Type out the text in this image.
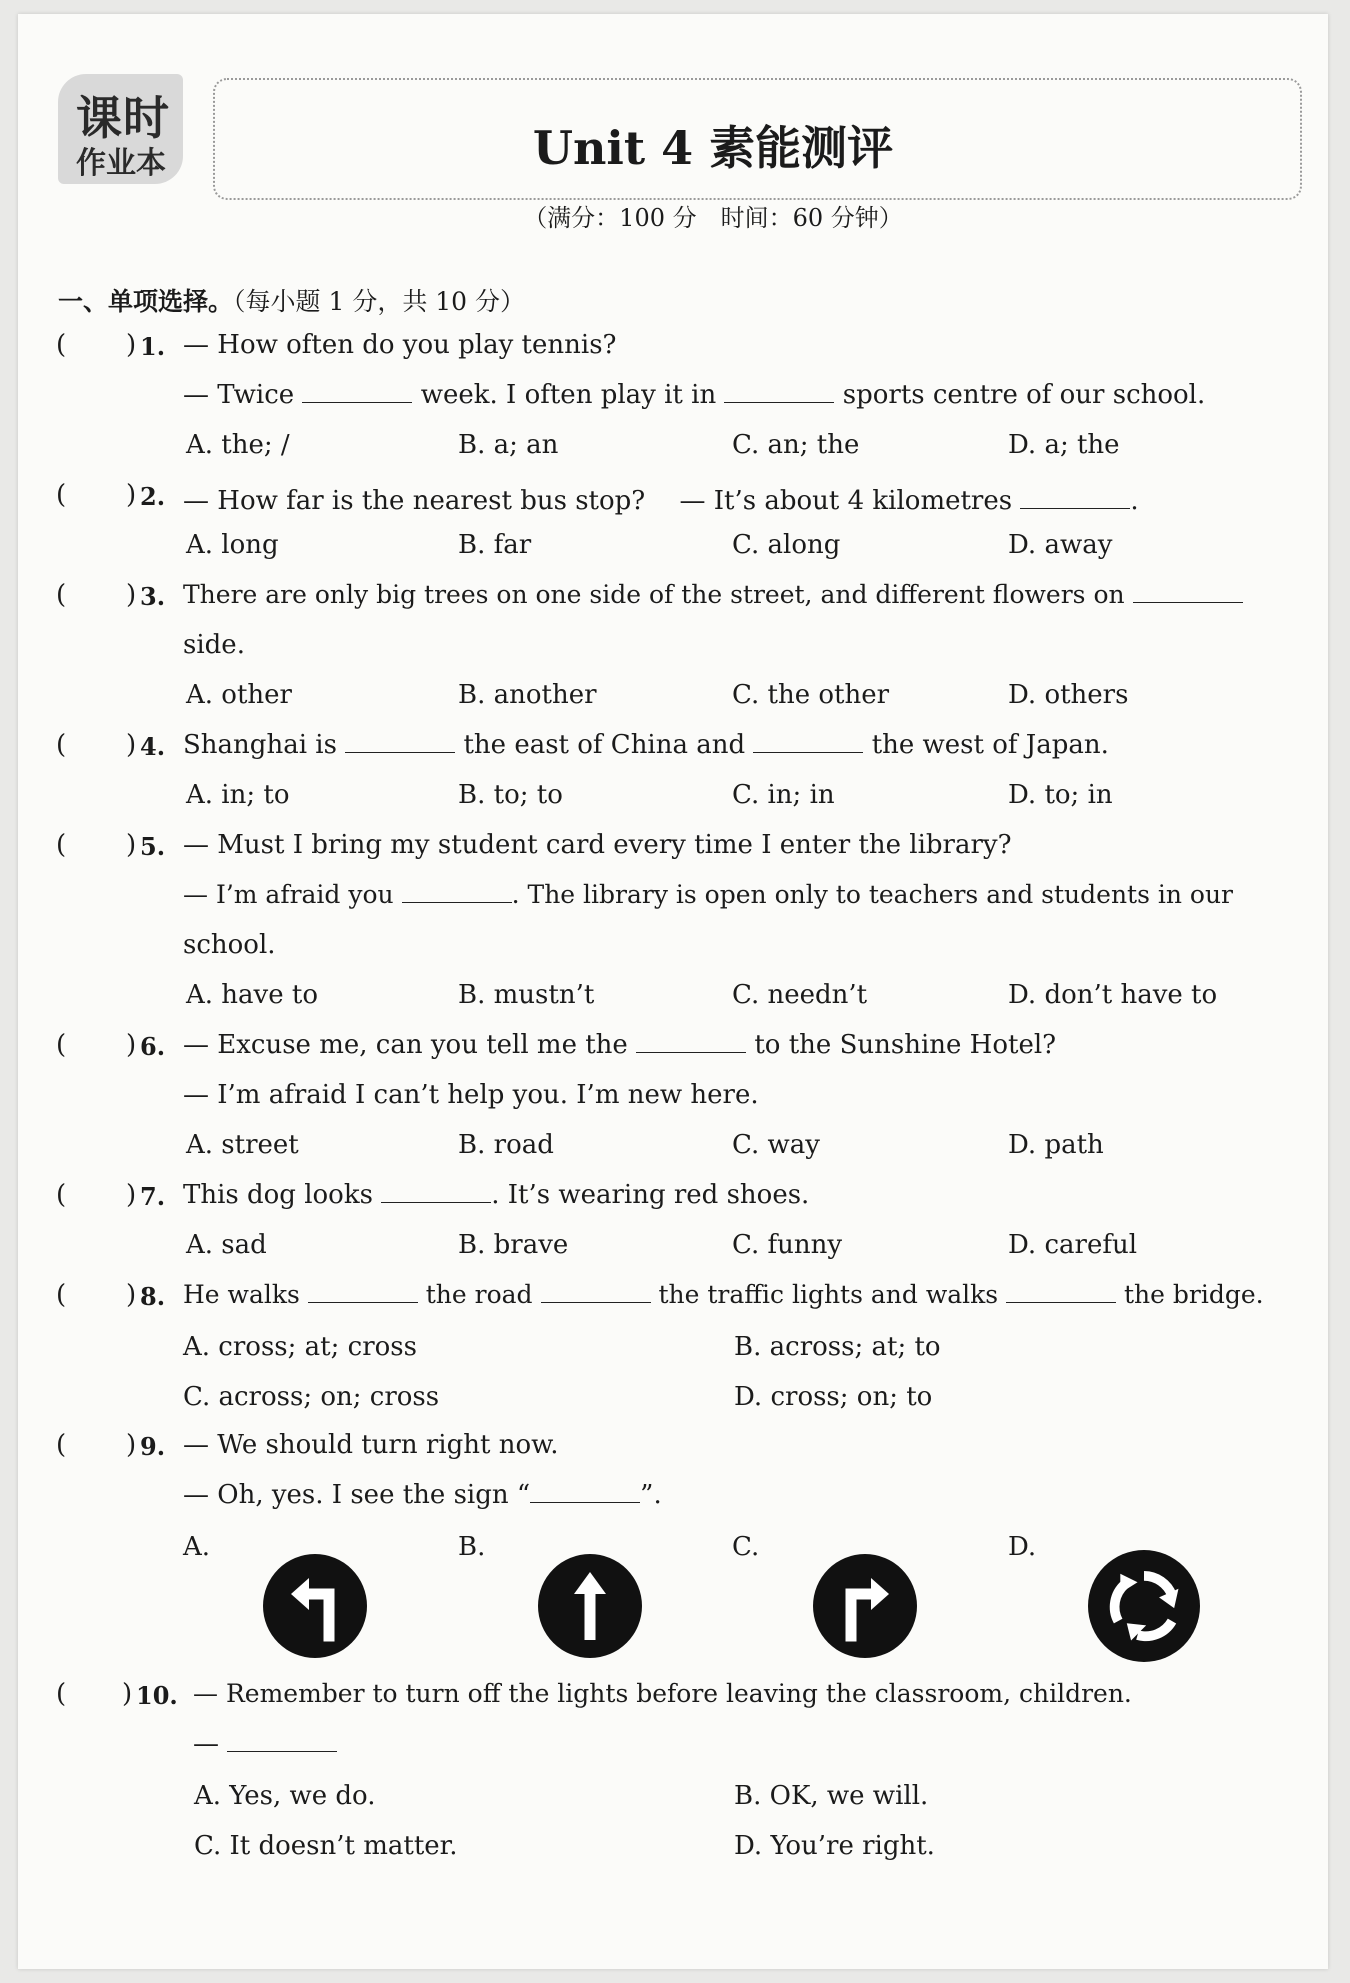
课时
作业本	Unit 4 素能测评
（满分：100 分　时间：60 分钟）
一、单项选择。（每小题 1 分，共 10 分）
( ) 1. — How often do you play tennis?
— Twice	week. I often play it in	sports centre of our school.
A. the; /	B. a; an	C. an; the	D. a; the
( ) 2. — How far is the nearest bus stop?　 — It’s about 4 kilometres	.
A. long	B. far	C. along	D. away
( ) 3. There are only big trees on one side of the street, and different flowers on
side.
A. other	B. another	C. the other	D. others
( ) 4. Shanghai is	the east of China and	the west of Japan.
A. in; to	B. to; to	C. in; in	D. to; in
( ) 5. — Must I bring my student card every time I enter the library?
— I’m afraid you	. The library is open only to teachers and students in our
school.
A. have to	B. mustn’t	C. needn’t	D. don’t have to
( ) 6. — Excuse me, can you tell me the	to the Sunshine Hotel?
— I’m afraid I can’t help you. I’m new here.
A. street	B. road	C. way	D. path
( ) 7. This dog looks	. It’s wearing red shoes.
A. sad	B. brave	C. funny	D. careful
( ) 8. He walks	the road	the traffic lights and walks	the bridge.
A. cross; at; cross	B. across; at; to
C. across; on; cross	D. cross; on; to
( ) 9. — We should turn right now.
— Oh, yes. I see the sign “	”.
A.	B.	C.	D.
( ) 10. — Remember to turn off the lights before leaving the classroom, children.
—
A. Yes, we do.	B. OK, we will.
C. It doesn’t matter.	D. You’re right.
